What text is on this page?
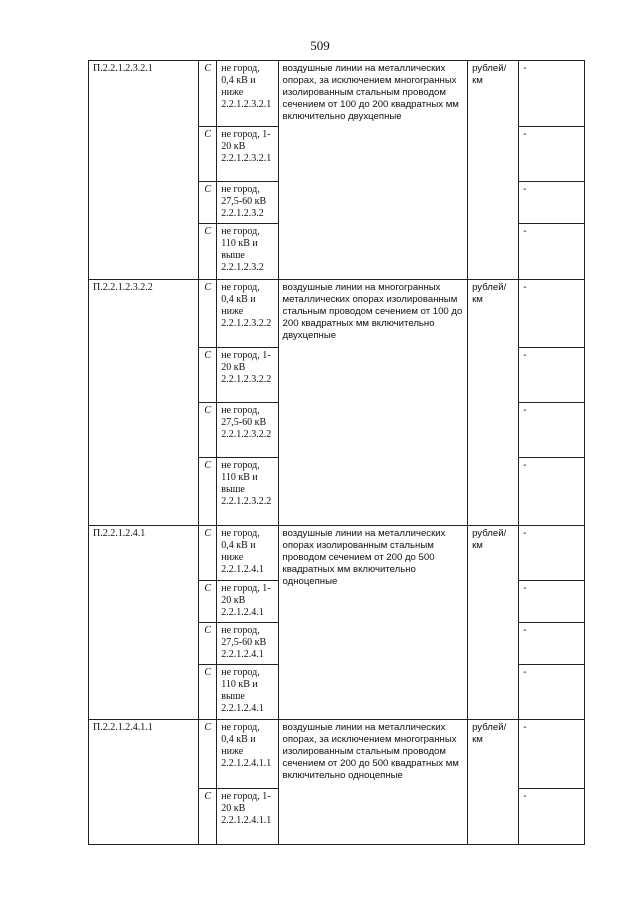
509
П.2.2.1.2.3.2.1	С	не город, 0,4 кВ и ниже 2.2.1.2.3.2.1	воздушные линии на металлических опорах, за исключением многогранных изолированным стальным проводом сечением от 100 до 200 квадратных мм включительно двухцепные	рублей/км	-
	С	не город, 1-20 кВ 2.2.1.2.3.2.1			-
	С	не город, 27,5-60 кВ 2.2.1.2.3.2			-
	С	не город, 110 кВ и выше 2.2.1.2.3.2			-
П.2.2.1.2.3.2.2	С	не город, 0,4 кВ и ниже 2.2.1.2.3.2.2	воздушные линии на многогранных металлических опорах изолированным стальным проводом сечением от 100 до 200 квадратных мм включительно двухцепные	рублей/км	-
	С	не город, 1-20 кВ 2.2.1.2.3.2.2			-
	С	не город, 27,5-60 кВ 2.2.1.2.3.2.2			-
	С	не город, 110 кВ и выше 2.2.1.2.3.2.2			-
П.2.2.1.2.4.1	С	не город, 0,4 кВ и ниже 2.2.1.2.4.1	воздушные линии на металлических опорах изолированным стальным проводом сечением от 200 до 500 квадратных мм включительно одноцепные	рублей/км	-
	С	не город, 1-20 кВ 2.2.1.2.4.1			-
	С	не город, 27,5-60 кВ 2.2.1.2.4.1			-
	С	не город, 110 кВ и выше 2.2.1.2.4.1			-
П.2.2.1.2.4.1.1	С	не город, 0,4 кВ и ниже 2.2.1.2.4.1.1	воздушные линии на металлических опорах, за исключением многогранных изолированным стальным проводом сечением от 200 до 500 квадратных мм включительно одноцепные	рублей/км	-
	С	не город, 1-20 кВ 2.2.1.2.4.1.1			-
